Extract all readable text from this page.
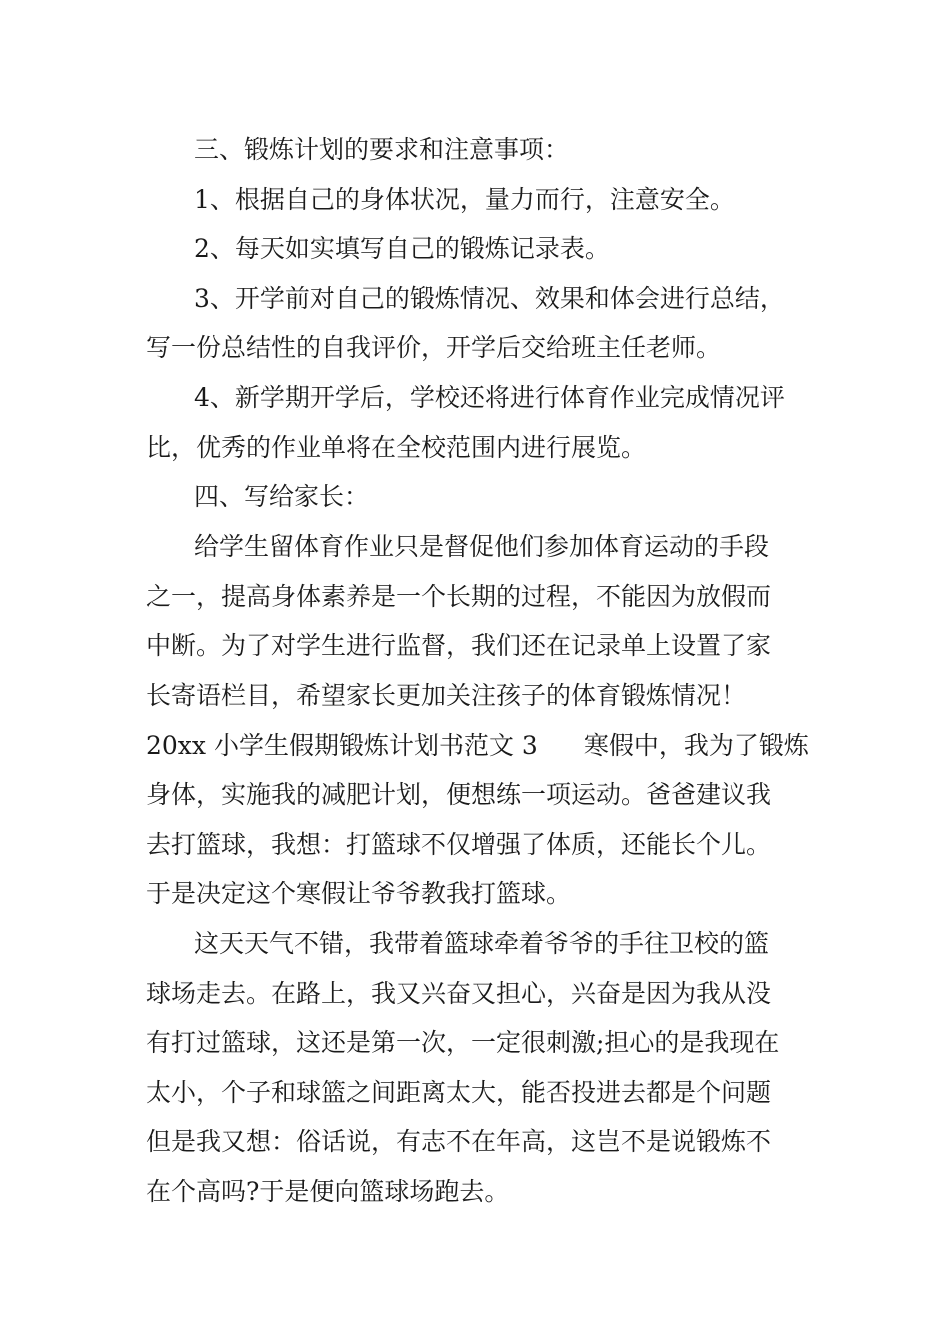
三、锻炼计划的要求和注意事项：
1、根据自己的身体状况，量力而行，注意安全。
2、每天如实填写自己的锻炼记录表。
3、开学前对自己的锻炼情况、效果和体会进行总结，
写一份总结性的自我评价，开学后交给班主任老师。
4、新学期开学后，学校还将进行体育作业完成情况评
比，优秀的作业单将在全校范围内进行展览。
四、写给家长：
给学生留体育作业只是督促他们参加体育运动的手段
之一，提高身体素养是一个长期的过程，不能因为放假而
中断。为了对学生进行监督，我们还在记录单上设置了家
长寄语栏目，希望家长更加关注孩子的体育锻炼情况！
20xx 小学生假期锻炼计划书范文 3 寒假中，我为了锻炼
身体，实施我的减肥计划，便想练一项运动。爸爸建议我
去打篮球，我想：打篮球不仅增强了体质，还能长个儿。
于是决定这个寒假让爷爷教我打篮球。
这天天气不错，我带着篮球牵着爷爷的手往卫校的篮
球场走去。在路上，我又兴奋又担心，兴奋是因为我从没
有打过篮球，这还是第一次，一定很刺激;担心的是我现在
太小，个子和球篮之间距离太大，能否投进去都是个问题
但是我又想：俗话说，有志不在年高，这岂不是说锻炼不
在个高吗?于是便向篮球场跑去。
